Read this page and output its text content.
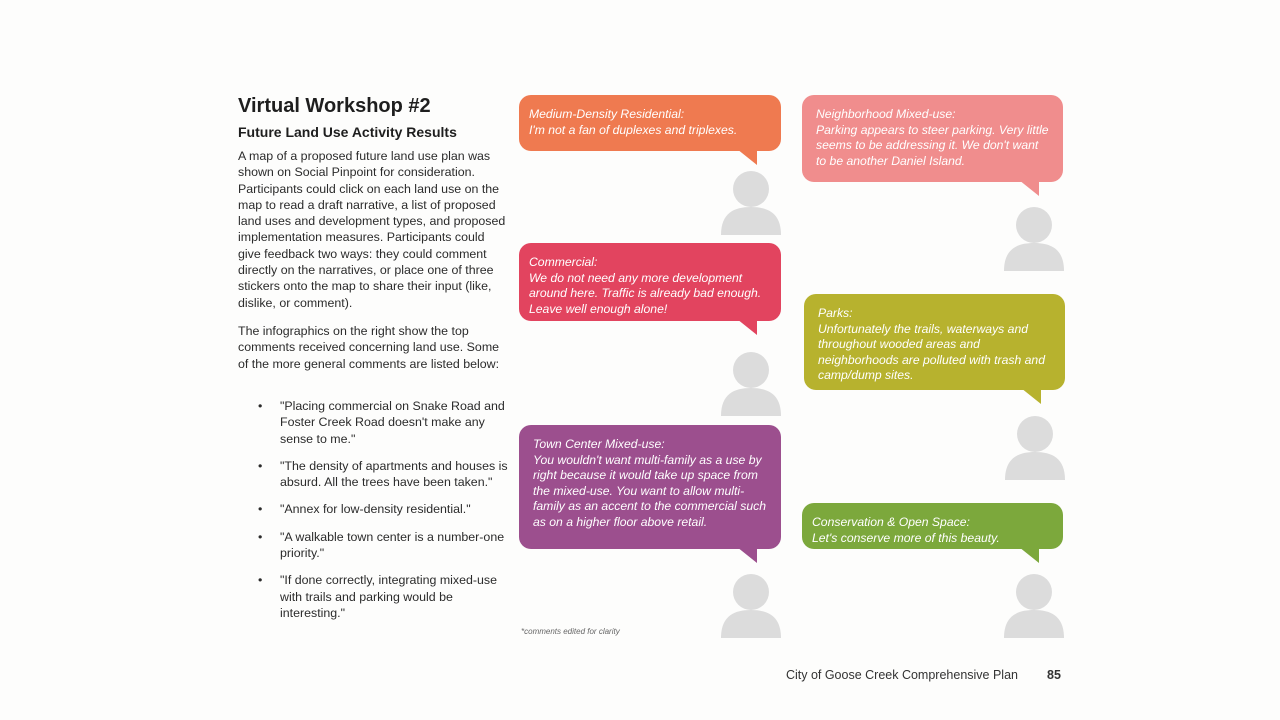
Virtual Workshop #2
Future Land Use Activity Results

A map of a proposed future land use plan was shown on Social Pinpoint for consideration. Participants could click on each land use on the map to read a draft narrative, a list of proposed land uses and development types, and proposed implementation measures. Participants could give feedback two ways: they could comment directly on the narratives, or place one of three stickers onto the map to share their input (like, dislike, or comment).

The infographics on the right show the top comments received concerning land use. Some of the more general comments are listed below:

• "Placing commercial on Snake Road and Foster Creek Road doesn't make any sense to me."
• "The density of apartments and houses is absurd. All the trees have been taken."
• "Annex for low-density residential."
• "A walkable town center is a number-one priority."
• "If done correctly, integrating mixed-use with trails and parking would be interesting."

Medium-Density Residential:

I'm not a fan of duplexes and triplexes.

Commercial:

We do not need any more development around here. Traffic is already bad enough. Leave well enough alone!

Town Center Mixed-use:

You wouldn't want multi-family as a use by right because it would take up space from the mixed-use. You want to allow multi-family as an accent to the commercial such as on a higher floor above retail.

Neighborhood Mixed-use:

Parking appears to steer parking. Very little seems to be addressing it. We don't want to be another Daniel Island.

Parks:

Unfortunately the trails, waterways and throughout wooded areas and neighborhoods are polluted with trash and camp/dump sites.

Conservation & Open Space:

Let's conserve more of this beauty.

*comments edited for clarity
City of Goose Creek Comprehensive Plan 85
